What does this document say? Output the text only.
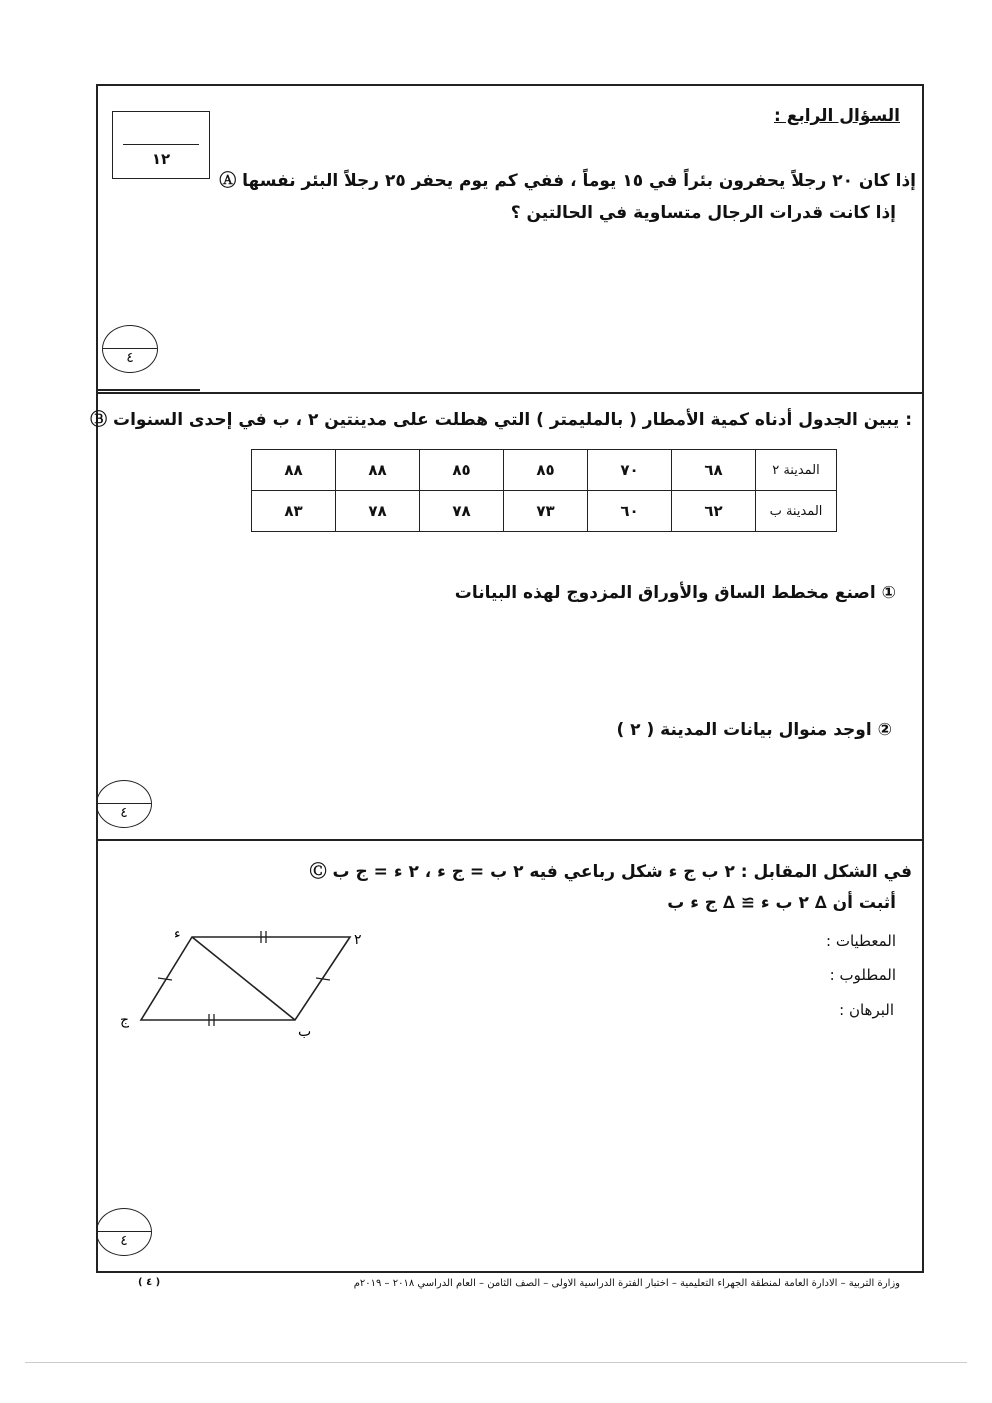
السؤال الرابع :
١٢
Ⓐ إذا كان ٢٠ رجلاً يحفرون بئراً في ١٥ يوماً ، ففي كم يوم يحفر ٢٥ رجلاً البئر نفسها
إذا كانت قدرات الرجال متساوية في الحالتين ؟
٤
Ⓑ يبين الجدول أدناه كمية الأمطار ( بالمليمتر ) التي هطلت على مدينتين ٢ ، ب في إحدى السنوات :
المدينة ٢	٦٨	٧٠	٨٥	٨٥	٨٨	٨٨
المدينة ب	٦٢	٦٠	٧٣	٧٨	٧٨	٨٣
① اصنع مخطط الساق والأوراق المزدوج لهذه البيانات
② اوجد منوال بيانات المدينة ( ٢ )
٤
Ⓒ في الشكل المقابل : ٢ ب ج ء شكل رباعي فيه ٢ ب = ج ء ، ٢ ء = ج ب
أثبت أن ∆ ٢ ب ء ≅ ∆ ج ء ب
المعطيات :
المطلوب :
البرهان :
٢
ء
ج
ب
٤
وزارة التربية – الادارة العامة لمنطقة الجهراء التعليمية – اختبار الفترة الدراسية الاولى – الصف الثامن – العام الدراسي ٢٠١٨ – ٢٠١٩م
( ٤ )
